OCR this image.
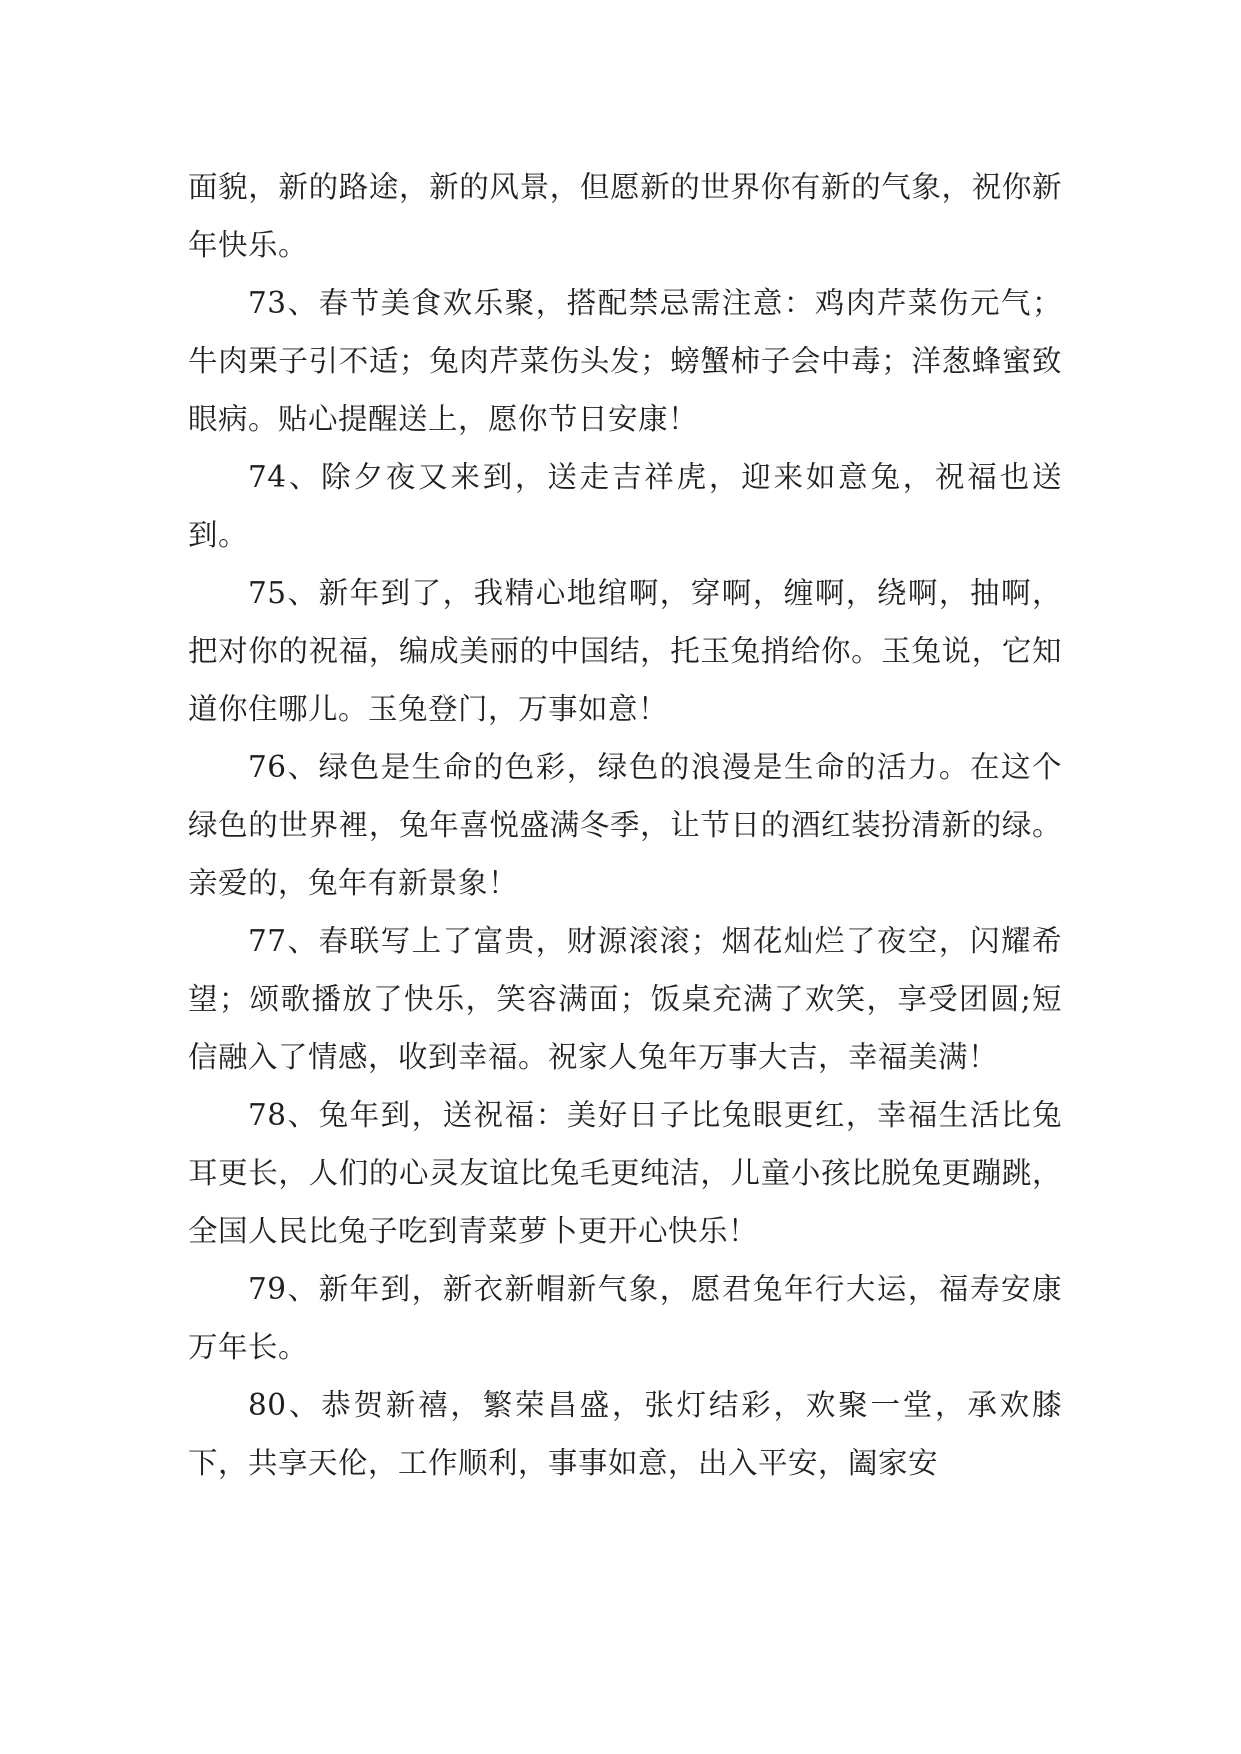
面貌，新的路途，新的风景，但愿新的世界你有新的气象，祝你新年快乐。

73、春节美食欢乐聚，搭配禁忌需注意：鸡肉芹菜伤元气；牛肉栗子引不适；兔肉芹菜伤头发；螃蟹柿子会中毒；洋葱蜂蜜致眼病。贴心提醒送上，愿你节日安康！

74、除夕夜又来到，送走吉祥虎，迎来如意兔，祝福也送到。

75、新年到了，我精心地绾啊，穿啊，缠啊，绕啊，抽啊，把对你的祝福，编成美丽的中国结，托玉兔捎给你。玉兔说，它知道你住哪儿。玉兔登门，万事如意！

76、绿色是生命的色彩，绿色的浪漫是生命的活力。在这个绿色的世界裡，兔年喜悦盛满冬季，让节日的酒红装扮清新的绿。亲爱的，兔年有新景象！

77、春联写上了富贵，财源滚滚；烟花灿烂了夜空，闪耀希望；颂歌播放了快乐，笑容满面；饭桌充满了欢笑，享受团圆;短信融入了情感，收到幸福。祝家人兔年万事大吉，幸福美满！

78、兔年到，送祝福：美好日子比兔眼更红，幸福生活比兔耳更长，人们的心灵友谊比兔毛更纯洁，儿童小孩比脱兔更蹦跳，全国人民比兔子吃到青菜萝卜更开心快乐！

79、新年到，新衣新帽新气象，愿君兔年行大运，福寿安康万年长。

80、恭贺新禧，繁荣昌盛，张灯结彩，欢聚一堂，承欢膝下，共享天伦，工作顺利，事事如意，出入平安，阖家安
